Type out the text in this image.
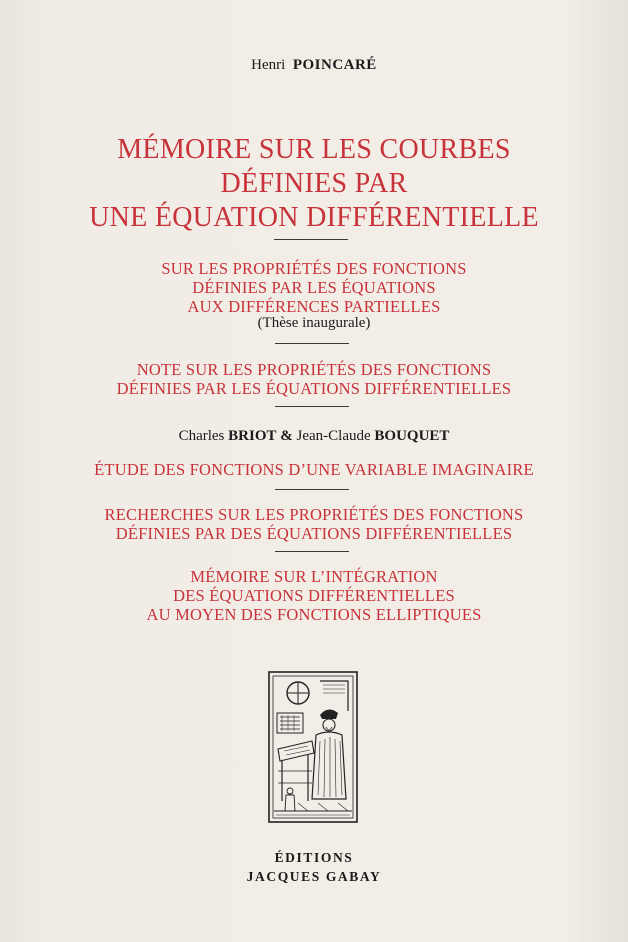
Henri POINCARÉ
MÉMOIRE SUR LES COURBES
DÉFINIES PAR
UNE ÉQUATION DIFFÉRENTIELLE
SUR LES PROPRIÉTÉS DES FONCTIONS
DÉFINIES PAR LES ÉQUATIONS
AUX DIFFÉRENCES PARTIELLES
(Thèse inaugurale)
NOTE SUR LES PROPRIÉTÉS DES FONCTIONS
DÉFINIES PAR LES ÉQUATIONS DIFFÉRENTIELLES
Charles BRIOT & Jean-Claude BOUQUET
ÉTUDE DES FONCTIONS D’UNE VARIABLE IMAGINAIRE
RECHERCHES SUR LES PROPRIÉTÉS DES FONCTIONS
DÉFINIES PAR DES ÉQUATIONS DIFFÉRENTIELLES
MÉMOIRE SUR L’INTÉGRATION
DES ÉQUATIONS DIFFÉRENTIELLES
AU MOYEN DES FONCTIONS ELLIPTIQUES
ÉDITIONS
JACQUES GABAY
